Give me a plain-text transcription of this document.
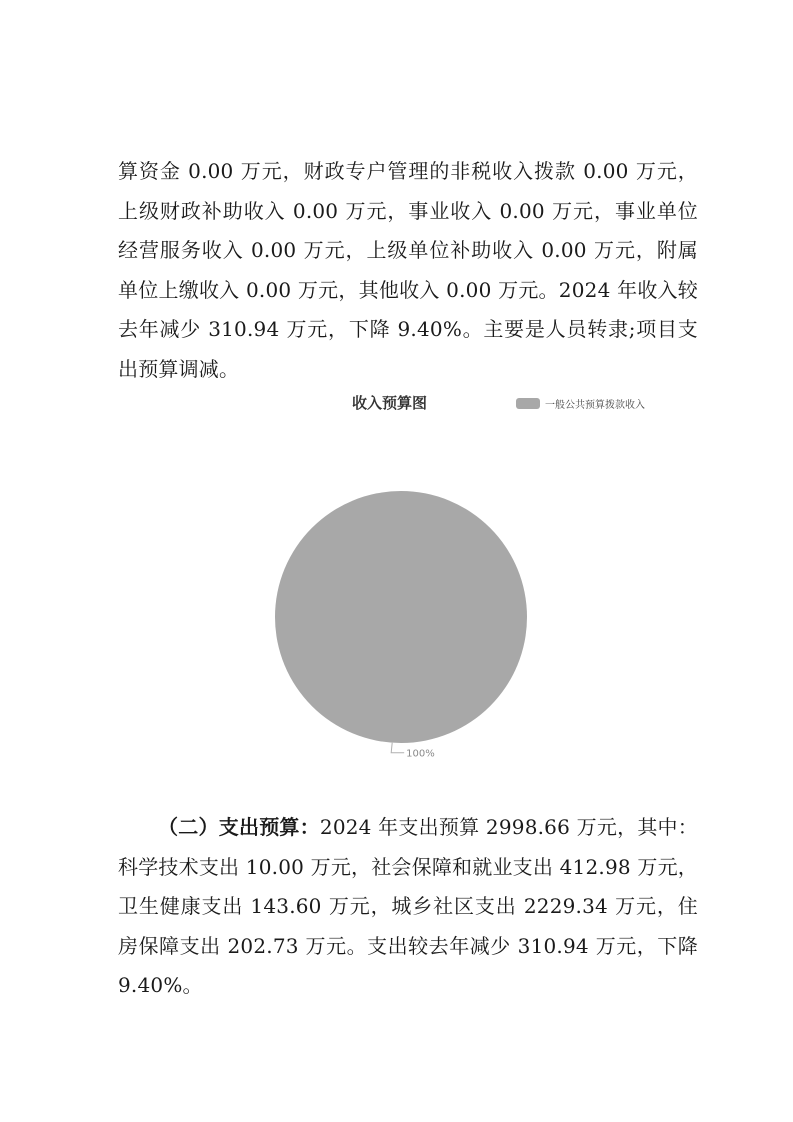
算资金 0.00 万元，财政专户管理的非税收入拨款 0.00 万元，上级财政补助收入 0.00 万元，事业收入 0.00 万元，事业单位经营服务收入 0.00 万元，上级单位补助收入 0.00 万元，附属单位上缴收入 0.00 万元，其他收入 0.00 万元。2024 年收入较去年减少 310.94 万元，下降 9.40%。主要是人员转隶;项目支出预算调减。

收入预算图	一般公共预算拨款收入
100%

（二）支出预算：2024 年支出预算 2998.66 万元，其中：科学技术支出 10.00 万元，社会保障和就业支出 412.98 万元，卫生健康支出 143.60 万元，城乡社区支出 2229.34 万元，住房保障支出 202.73 万元。支出较去年减少 310.94 万元，下降 9.40%。
